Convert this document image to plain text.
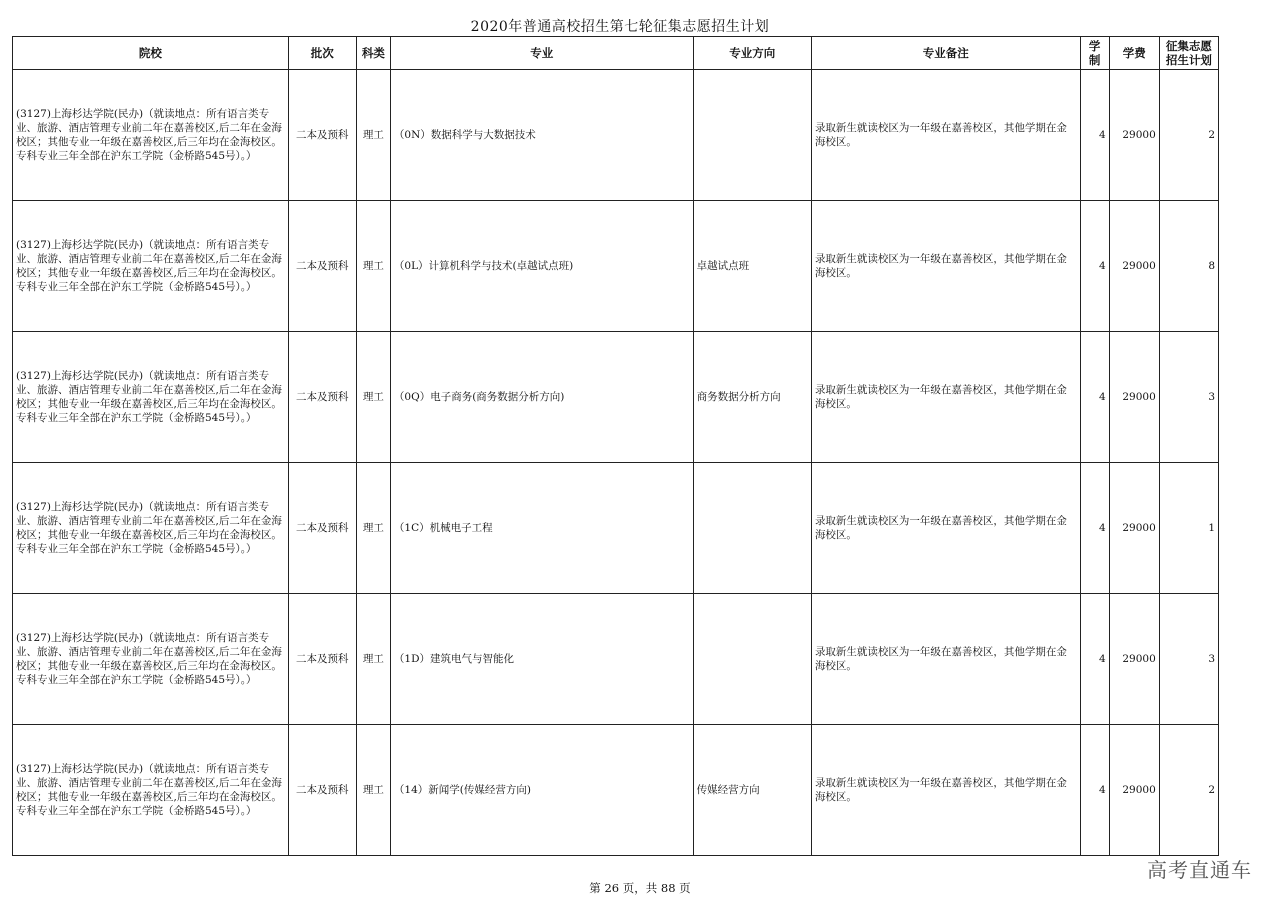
2020年普通高校招生第七轮征集志愿招生计划
院校	批次	科类	专业	专业方向	专业备注	学制	学费	征集志愿
招生计划

(3127)上海杉达学院(民办)（就读地点：所有语言类专业、旅游、酒店管理专业前二年在嘉善校区,后二年在金海校区；其他专业一年级在嘉善校区,后三年均在金海校区。专科专业三年全部在沪东工学院（金桥路545号）。）	二本及预科	理工	（0N）数据科学与大数据技术		录取新生就读校区为一年级在嘉善校区，其他学期在金海校区。	4	29000	2
(3127)上海杉达学院(民办)（就读地点：所有语言类专业、旅游、酒店管理专业前二年在嘉善校区,后二年在金海校区；其他专业一年级在嘉善校区,后三年均在金海校区。专科专业三年全部在沪东工学院（金桥路545号）。）	二本及预科	理工	（0L）计算机科学与技术(卓越试点班)	卓越试点班	录取新生就读校区为一年级在嘉善校区，其他学期在金海校区。	4	29000	8
(3127)上海杉达学院(民办)（就读地点：所有语言类专业、旅游、酒店管理专业前二年在嘉善校区,后二年在金海校区；其他专业一年级在嘉善校区,后三年均在金海校区。专科专业三年全部在沪东工学院（金桥路545号）。）	二本及预科	理工	（0Q）电子商务(商务数据分析方向)	商务数据分析方向	录取新生就读校区为一年级在嘉善校区，其他学期在金海校区。	4	29000	3
(3127)上海杉达学院(民办)（就读地点：所有语言类专业、旅游、酒店管理专业前二年在嘉善校区,后二年在金海校区；其他专业一年级在嘉善校区,后三年均在金海校区。专科专业三年全部在沪东工学院（金桥路545号）。）	二本及预科	理工	（1C）机械电子工程		录取新生就读校区为一年级在嘉善校区，其他学期在金海校区。	4	29000	1
(3127)上海杉达学院(民办)（就读地点：所有语言类专业、旅游、酒店管理专业前二年在嘉善校区,后二年在金海校区；其他专业一年级在嘉善校区,后三年均在金海校区。专科专业三年全部在沪东工学院（金桥路545号）。）	二本及预科	理工	（1D）建筑电气与智能化		录取新生就读校区为一年级在嘉善校区，其他学期在金海校区。	4	29000	3
(3127)上海杉达学院(民办)（就读地点：所有语言类专业、旅游、酒店管理专业前二年在嘉善校区,后二年在金海校区；其他专业一年级在嘉善校区,后三年均在金海校区。专科专业三年全部在沪东工学院（金桥路545号）。）	二本及预科	理工	（14）新闻学(传媒经营方向)	传媒经营方向	录取新生就读校区为一年级在嘉善校区，其他学期在金海校区。	4	29000	2
第 26 页，共 88 页
高考直通车
